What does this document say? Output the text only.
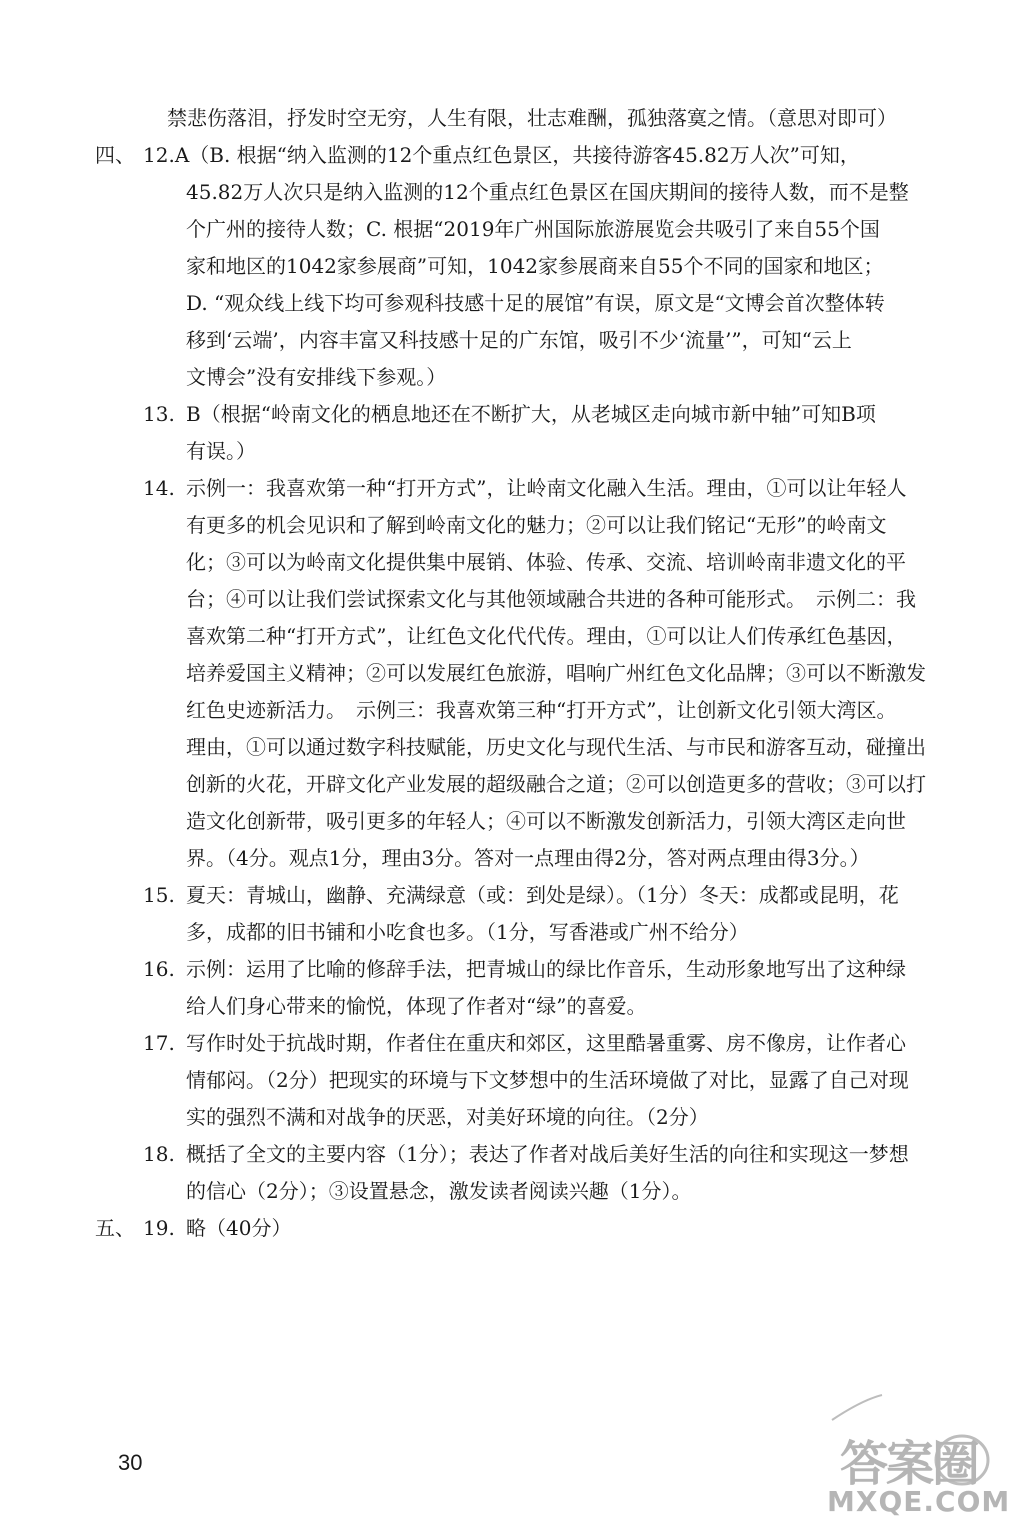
禁悲伤落泪，抒发时空无穷，人生有限，壮志难酬，孤独落寞之情。（意思对即可）
四、 12.A（B. 根据“纳入监测的12个重点红色景区，共接待游客45.82万人次”可知，
45.82万人次只是纳入监测的12个重点红色景区在国庆期间的接待人数，而不是整
个广州的接待人数；C. 根据“2019年广州国际旅游展览会共吸引了来自55个国
家和地区的1042家参展商”可知，1042家参展商来自55个不同的国家和地区；
D. “观众线上线下均可参观科技感十足的展馆”有误，原文是“文博会首次整体转
移到‘云端’，内容丰富又科技感十足的广东馆，吸引不少‘流量’”，可知“云上
文博会”没有安排线下参观。）
13. B（根据“岭南文化的栖息地还在不断扩大，从老城区走向城市新中轴”可知B项
有误。）
14. 示例一：我喜欢第一种“打开方式”，让岭南文化融入生活。理由，①可以让年轻人
有更多的机会见识和了解到岭南文化的魅力；②可以让我们铭记“无形”的岭南文
化；③可以为岭南文化提供集中展销、体验、传承、交流、培训岭南非遗文化的平
台；④可以让我们尝试探索文化与其他领域融合共进的各种可能形式。　示例二：我
喜欢第二种“打开方式”，让红色文化代代传。理由，①可以让人们传承红色基因，
培养爱国主义精神；②可以发展红色旅游，唱响广州红色文化品牌；③可以不断激发
红色史迹新活力。　示例三：我喜欢第三种“打开方式”，让创新文化引领大湾区。
理由，①可以通过数字科技赋能，历史文化与现代生活、与市民和游客互动，碰撞出
创新的火花，开辟文化产业发展的超级融合之道；②可以创造更多的营收；③可以打
造文化创新带，吸引更多的年轻人；④可以不断激发创新活力，引领大湾区走向世
界。（4分。观点1分，理由3分。答对一点理由得2分，答对两点理由得3分。）
15. 夏天：青城山，幽静、充满绿意（或：到处是绿）。（1分）冬天：成都或昆明，花
多，成都的旧书铺和小吃食也多。（1分，写香港或广州不给分）
16. 示例：运用了比喻的修辞手法，把青城山的绿比作音乐，生动形象地写出了这种绿
给人们身心带来的愉悦，体现了作者对“绿”的喜爱。
17. 写作时处于抗战时期，作者住在重庆和郊区，这里酷暑重雾、房不像房，让作者心
情郁闷。（2分）把现实的环境与下文梦想中的生活环境做了对比，显露了自己对现
实的强烈不满和对战争的厌恶，对美好环境的向往。（2分）
18. 概括了全文的主要内容（1分）；表达了作者对战后美好生活的向往和实现这一梦想
的信心（2分）；③设置悬念，激发读者阅读兴趣（1分）。
五、 19. 略（40分）
30	答案圈
MXQE.COM
